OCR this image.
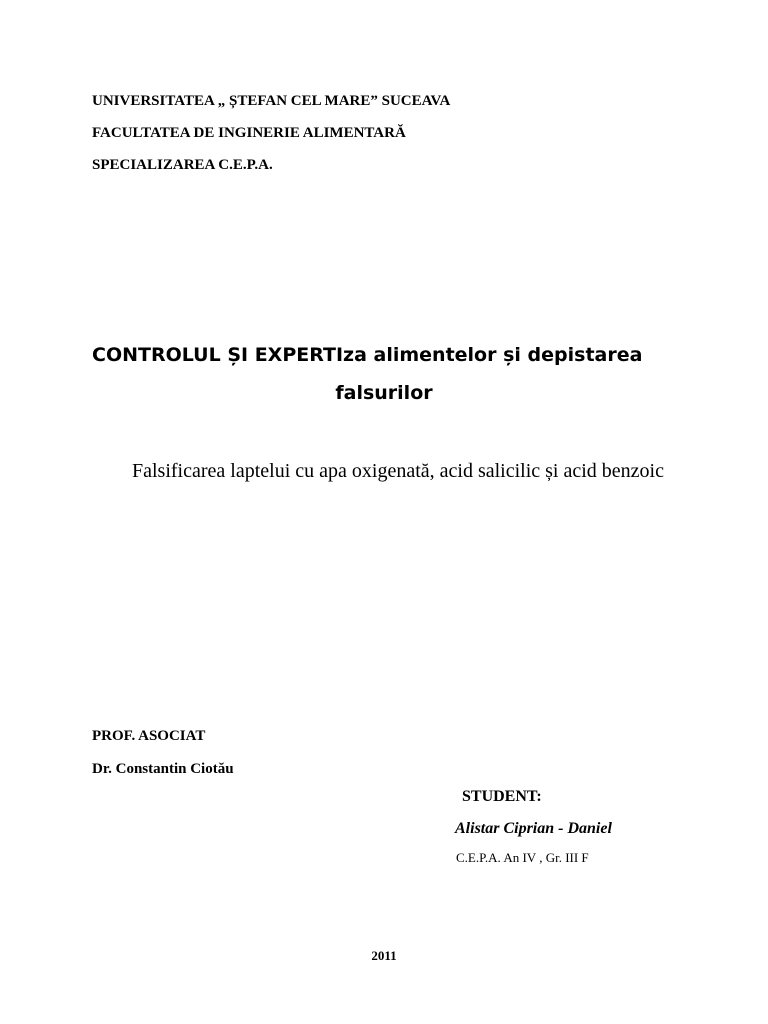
UNIVERSITATEA „ ȘTEFAN CEL MARE” SUCEAVA
FACULTATEA DE INGINERIE ALIMENTARĂ
SPECIALIZAREA C.E.P.A.
CONTROLUL ȘI EXPERTIza alimentelor și depistarea
falsurilor
Falsificarea laptelui cu apa oxigenată, acid salicilic și acid benzoic
PROF. ASOCIAT
Dr. Constantin Ciotău
STUDENT:
Alistar Ciprian - Daniel
C.E.P.A. An IV , Gr. III F
2011
